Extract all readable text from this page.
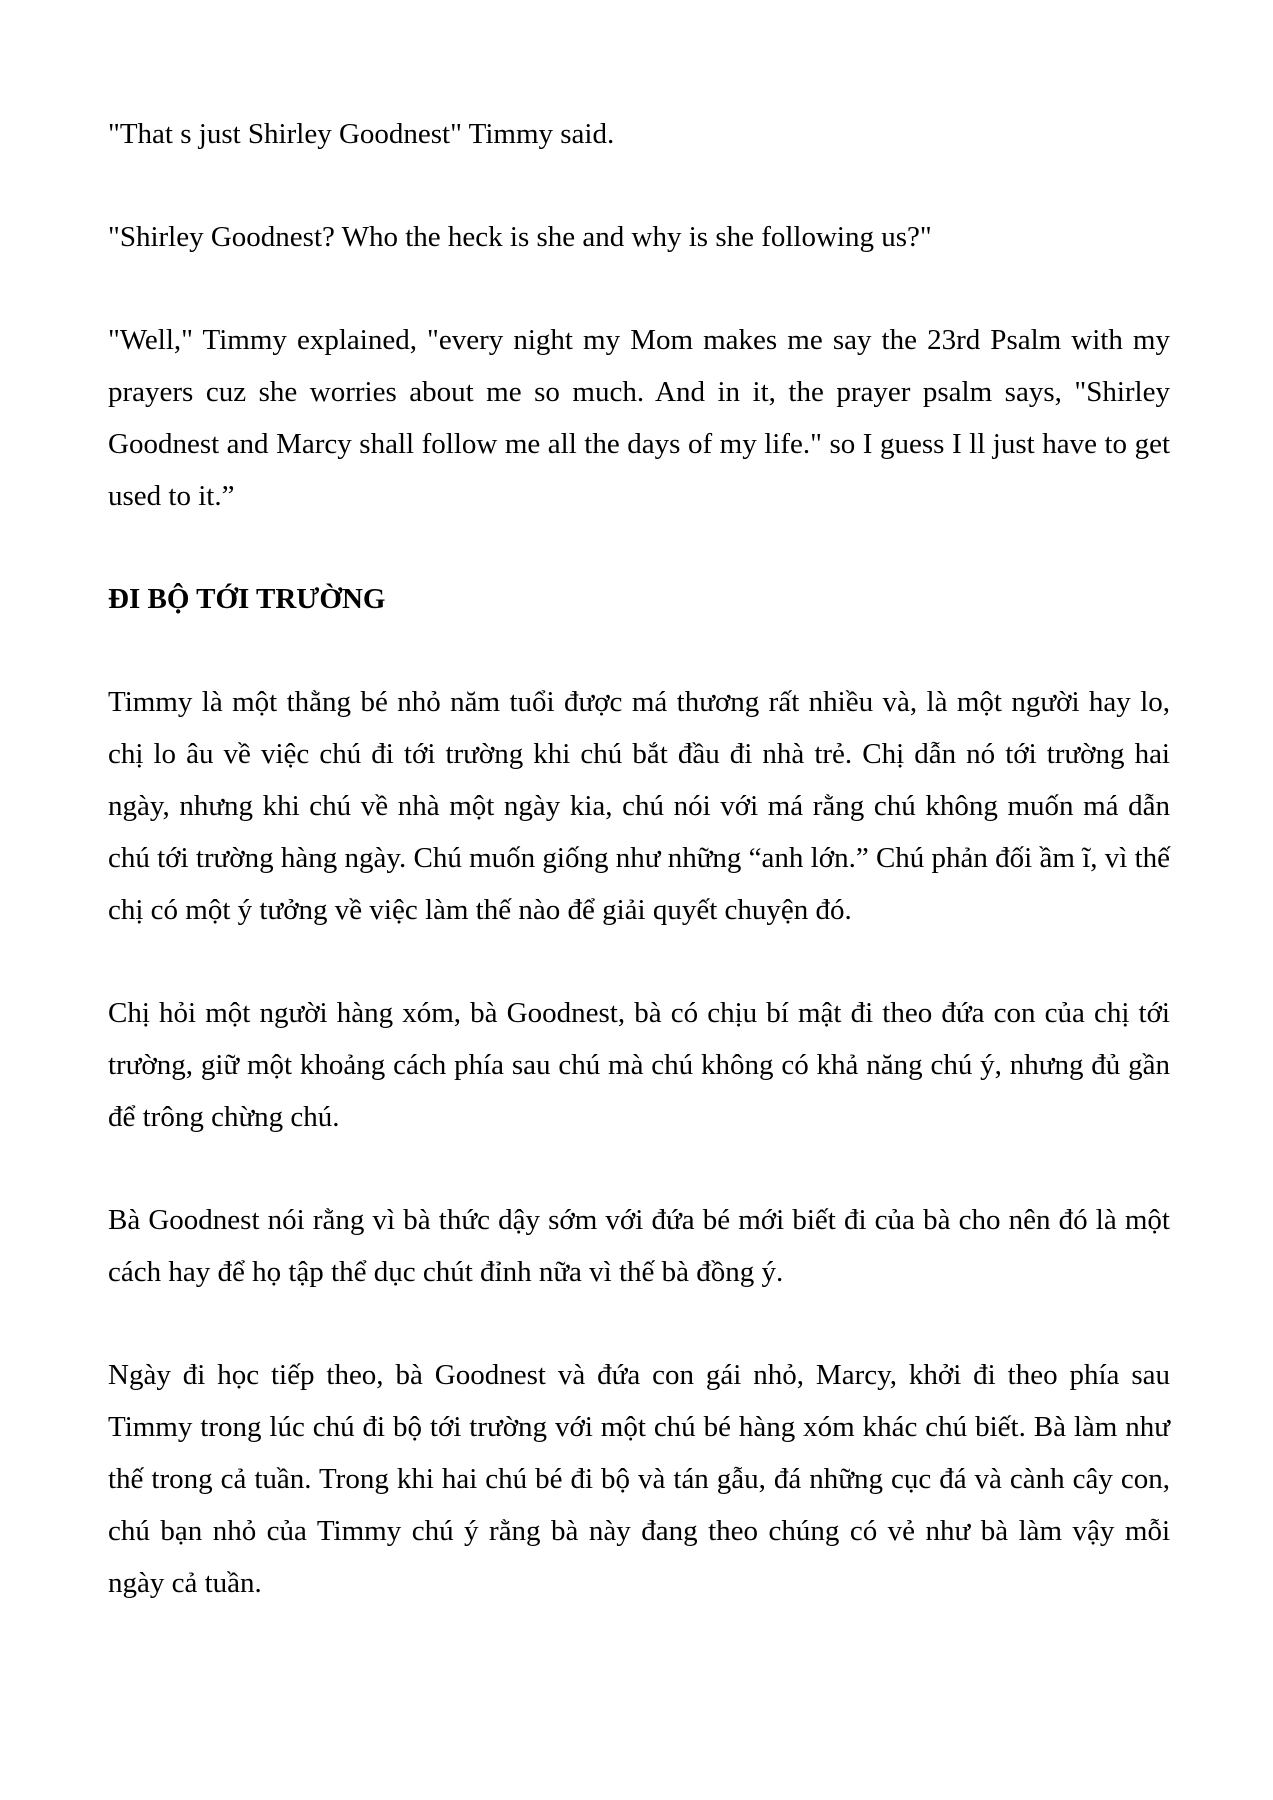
"That s just Shirley Goodnest" Timmy said.

"Shirley Goodnest? Who the heck is she and why is she following us?"

"Well," Timmy explained, "every night my Mom makes me say the 23rd Psalm with my prayers cuz she worries about me so much. And in it, the prayer psalm says, "Shirley Goodnest and Marcy shall follow me all the days of my life." so I guess I ll just have to get used to it.”

ĐI BỘ TỚI TRƯỜNG

Timmy là một thằng bé nhỏ năm tuổi được má thương rất nhiều và, là một người hay lo, chị lo âu về việc chú đi tới trường khi chú bắt đầu đi nhà trẻ. Chị dẫn nó tới trường hai ngày, nhưng khi chú về nhà một ngày kia, chú nói với má rằng chú không muốn má dẫn chú tới trường hàng ngày. Chú muốn giống như những “anh lớn.” Chú phản đối ầm ĩ, vì thế chị có một ý tưởng về việc làm thế nào để giải quyết chuyện đó.

Chị hỏi một người hàng xóm, bà Goodnest, bà có chịu bí mật đi theo đứa con của chị tới trường, giữ một khoảng cách phía sau chú mà chú không có khả năng chú ý, nhưng đủ gần để trông chừng chú.

Bà Goodnest nói rằng vì bà thức dậy sớm với đứa bé mới biết đi của bà cho nên đó là một cách hay để họ tập thể dục chút đỉnh nữa vì thế bà đồng ý.

Ngày đi học tiếp theo, bà Goodnest và đứa con gái nhỏ, Marcy, khởi đi theo phía sau Timmy trong lúc chú đi bộ tới trường với một chú bé hàng xóm khác chú biết. Bà làm như thế trong cả tuần. Trong khi hai chú bé đi bộ và tán gẫu, đá những cục đá và cành cây con, chú bạn nhỏ của Timmy chú ý rằng bà này đang theo chúng có vẻ như bà làm vậy mỗi ngày cả tuần.
